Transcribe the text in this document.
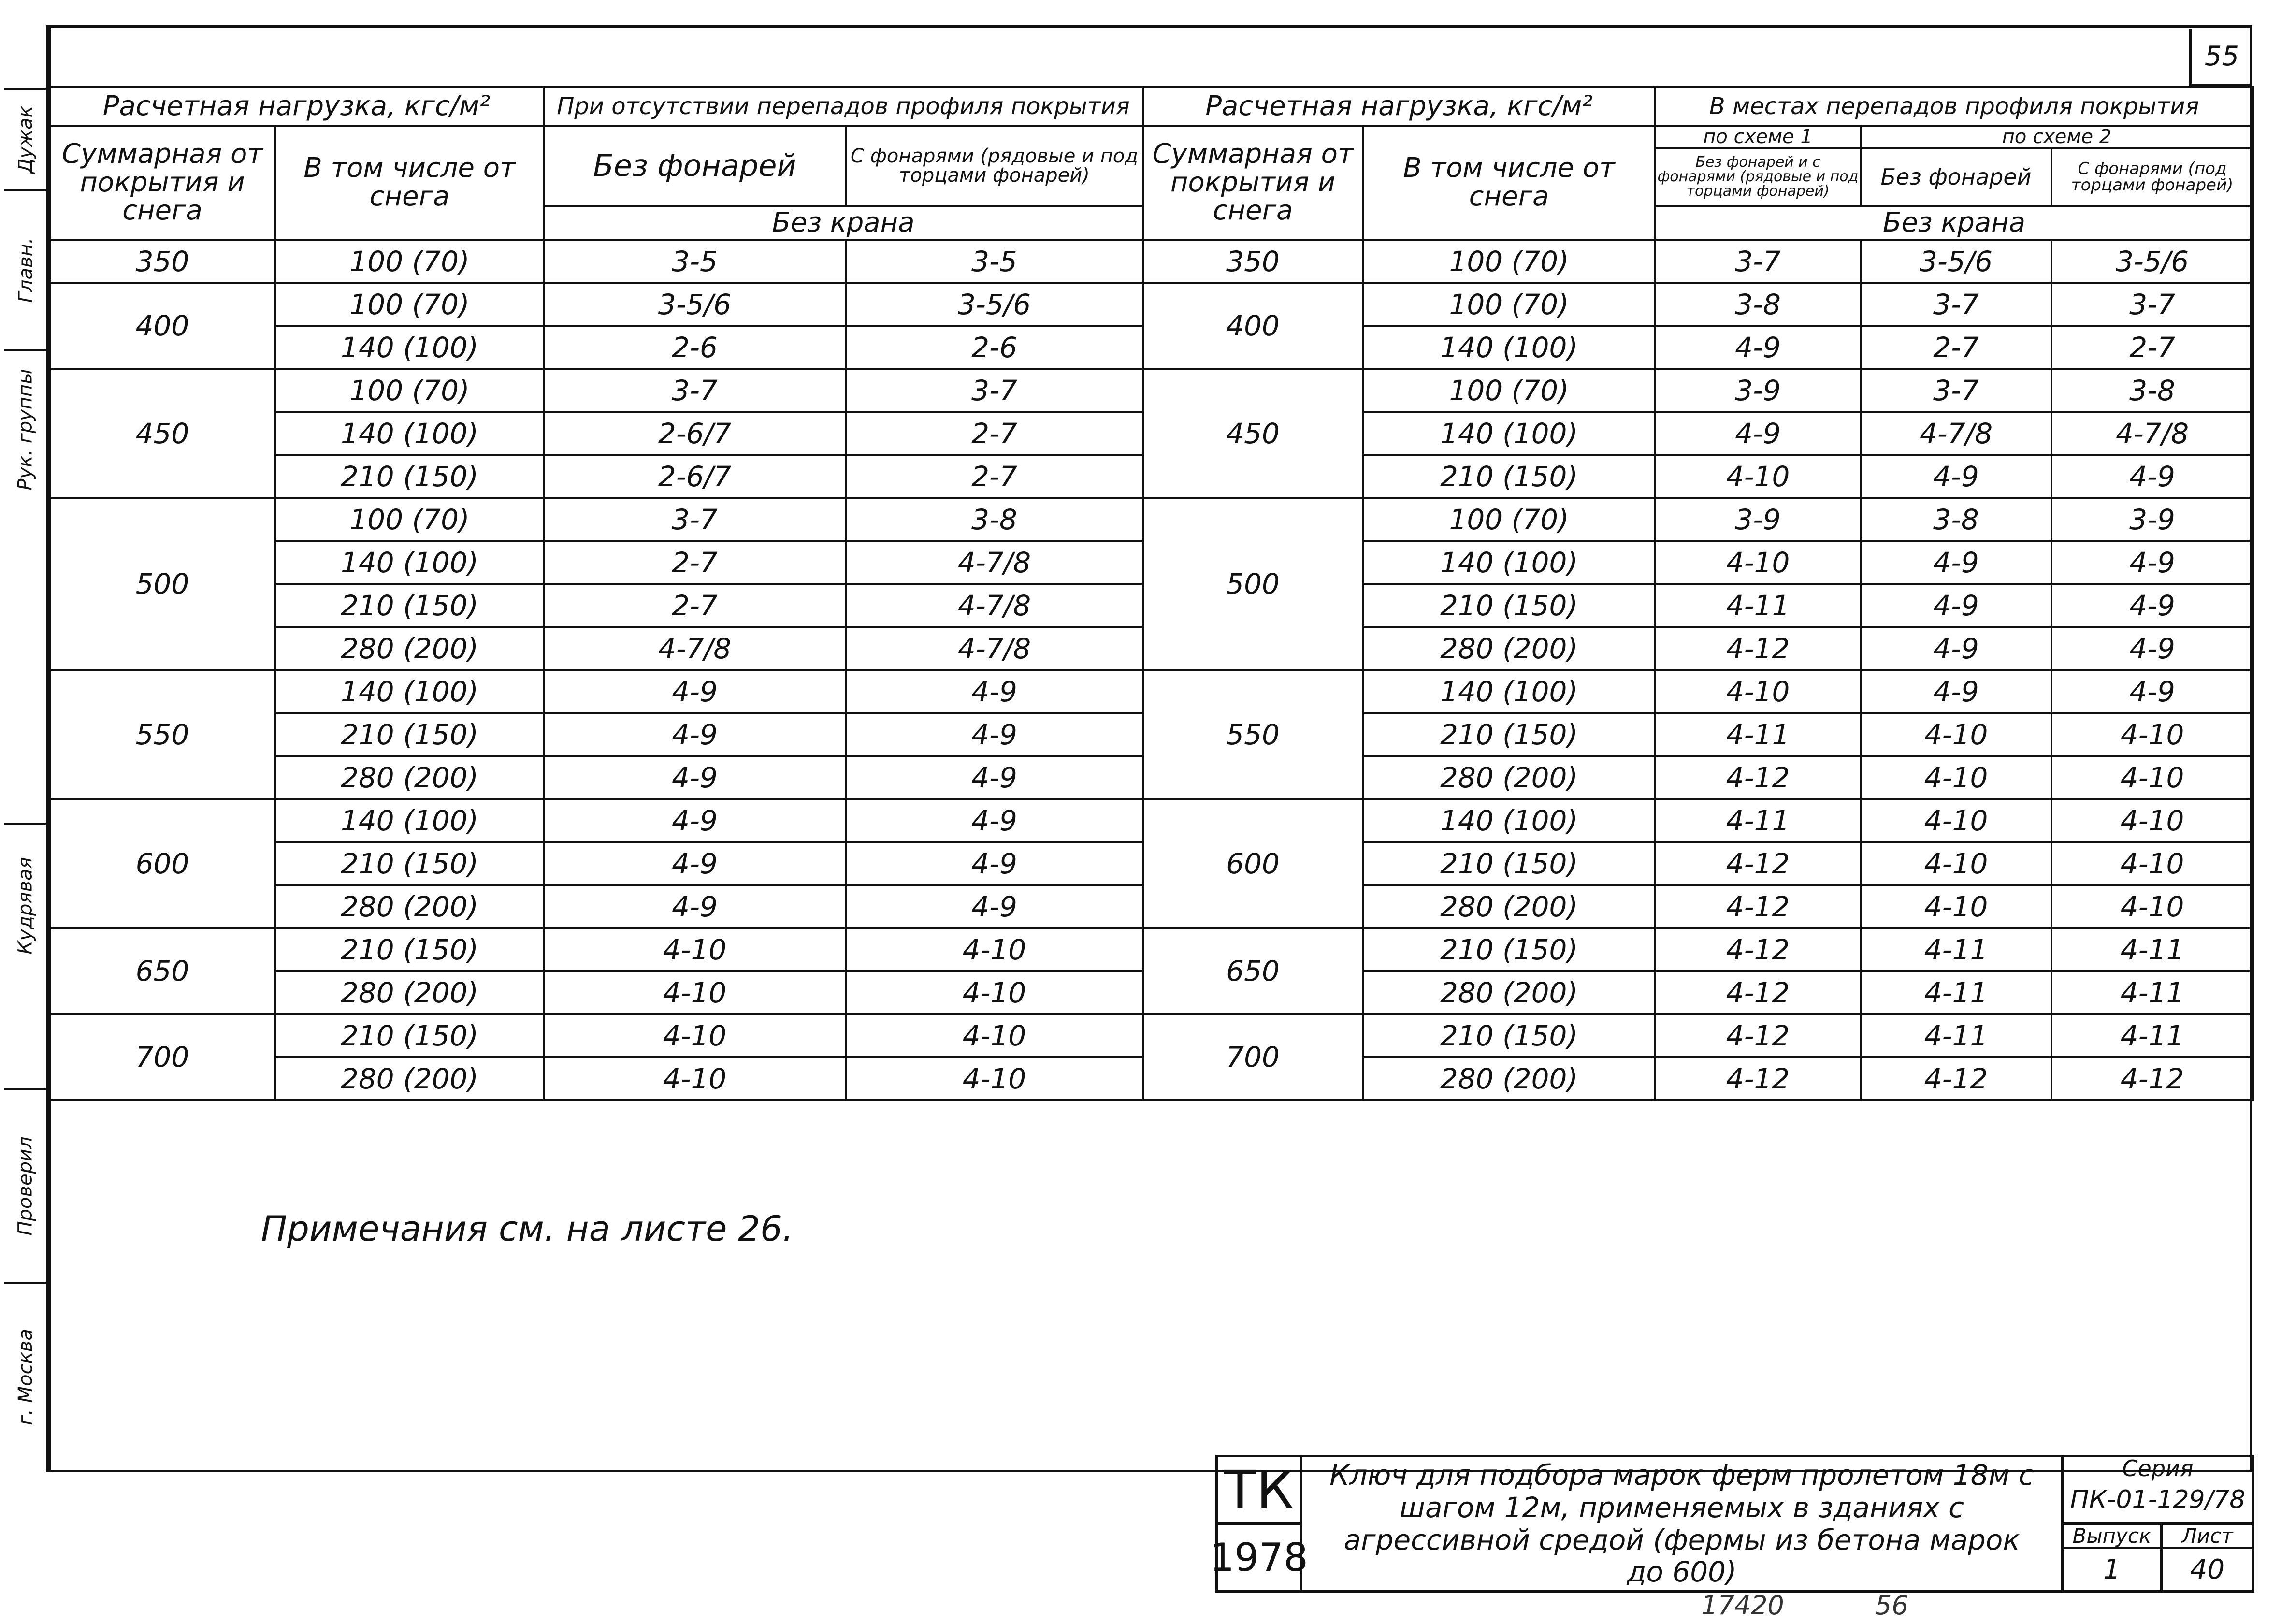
Дужак
Главн.
Рук. группы
Кудрявая
Проверил
г. Москва
55
Расчетная нагрузка, кгс/м²		При отсутствии перепадов профиля покрытия		Расчетная нагрузка, кгс/м²		В местах перепадов профиля покрытия		
Суммарная от покрытия и снега	В том числе от снега	Без фонарей	С фонарями (рядовые и под торцами фонарей)	Суммарная от покрытия и снега	В том числе от снега	по схеме 1	по схеме 2	
						Без фонарей и с фонарями (рядовые и под торцами фонарей)	Без фонарей	С фонарями (под торцами фонарей)
		Без крана				Без крана		
350	100 (70)	3-5	3-5	350	100 (70)	3-7	3-5/6	3-5/6
400	100 (70)	3-5/6	3-5/6	400	100 (70)	3-8	3-7	3-7
	140 (100)	2-6	2-6		140 (100)	4-9	2-7	2-7
450	100 (70)	3-7	3-7	450	100 (70)	3-9	3-7	3-8
	140 (100)	2-6/7	2-7		140 (100)	4-9	4-7/8	4-7/8
	210 (150)	2-6/7	2-7		210 (150)	4-10	4-9	4-9
500	100 (70)	3-7	3-8	500	100 (70)	3-9	3-8	3-9
	140 (100)	2-7	4-7/8		140 (100)	4-10	4-9	4-9
	210 (150)	2-7	4-7/8		210 (150)	4-11	4-9	4-9
	280 (200)	4-7/8	4-7/8		280 (200)	4-12	4-9	4-9
550	140 (100)	4-9	4-9	550	140 (100)	4-10	4-9	4-9
	210 (150)	4-9	4-9		210 (150)	4-11	4-10	4-10
	280 (200)	4-9	4-9		280 (200)	4-12	4-10	4-10
600	140 (100)	4-9	4-9	600	140 (100)	4-11	4-10	4-10
	210 (150)	4-9	4-9		210 (150)	4-12	4-10	4-10
	280 (200)	4-9	4-9		280 (200)	4-12	4-10	4-10
650	210 (150)	4-10	4-10	650	210 (150)	4-12	4-11	4-11
	280 (200)	4-10	4-10		280 (200)	4-12	4-11	4-11
700	210 (150)	4-10	4-10	700	210 (150)	4-12	4-11	4-11
	280 (200)	4-10	4-10		280 (200)	4-12	4-12	4-12
Примечания см. на листе 26.
ТК
1978
Ключ для подбора марок ферм пролетом 18м с шагом 12м, применяемых в зданиях с агрессивной средой (фермы из бетона марок до 600)
Серия
ПК-01-129/78
Выпуск	Лист
1	40
17420	56
